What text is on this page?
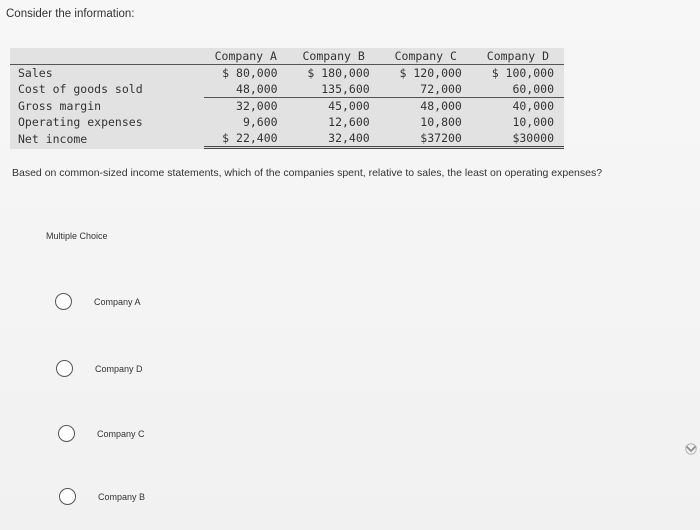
Consider the information:
	Company A	Company B	Company C	Company D
Sales	$ 80,000	$ 180,000	$ 120,000	$ 100,000
Cost of goods sold	48,000	135,600	72,000	60,000
Gross margin	32,000	45,000	48,000	40,000
Operating expenses	9,600	12,600	10,800	10,000
Net income	$ 22,400	32,400	$37200	$30000
Based on common-sized income statements, which of the companies spent, relative to sales, the least on operating expenses?
Multiple Choice
Company A
Company D
Company C
Company B
